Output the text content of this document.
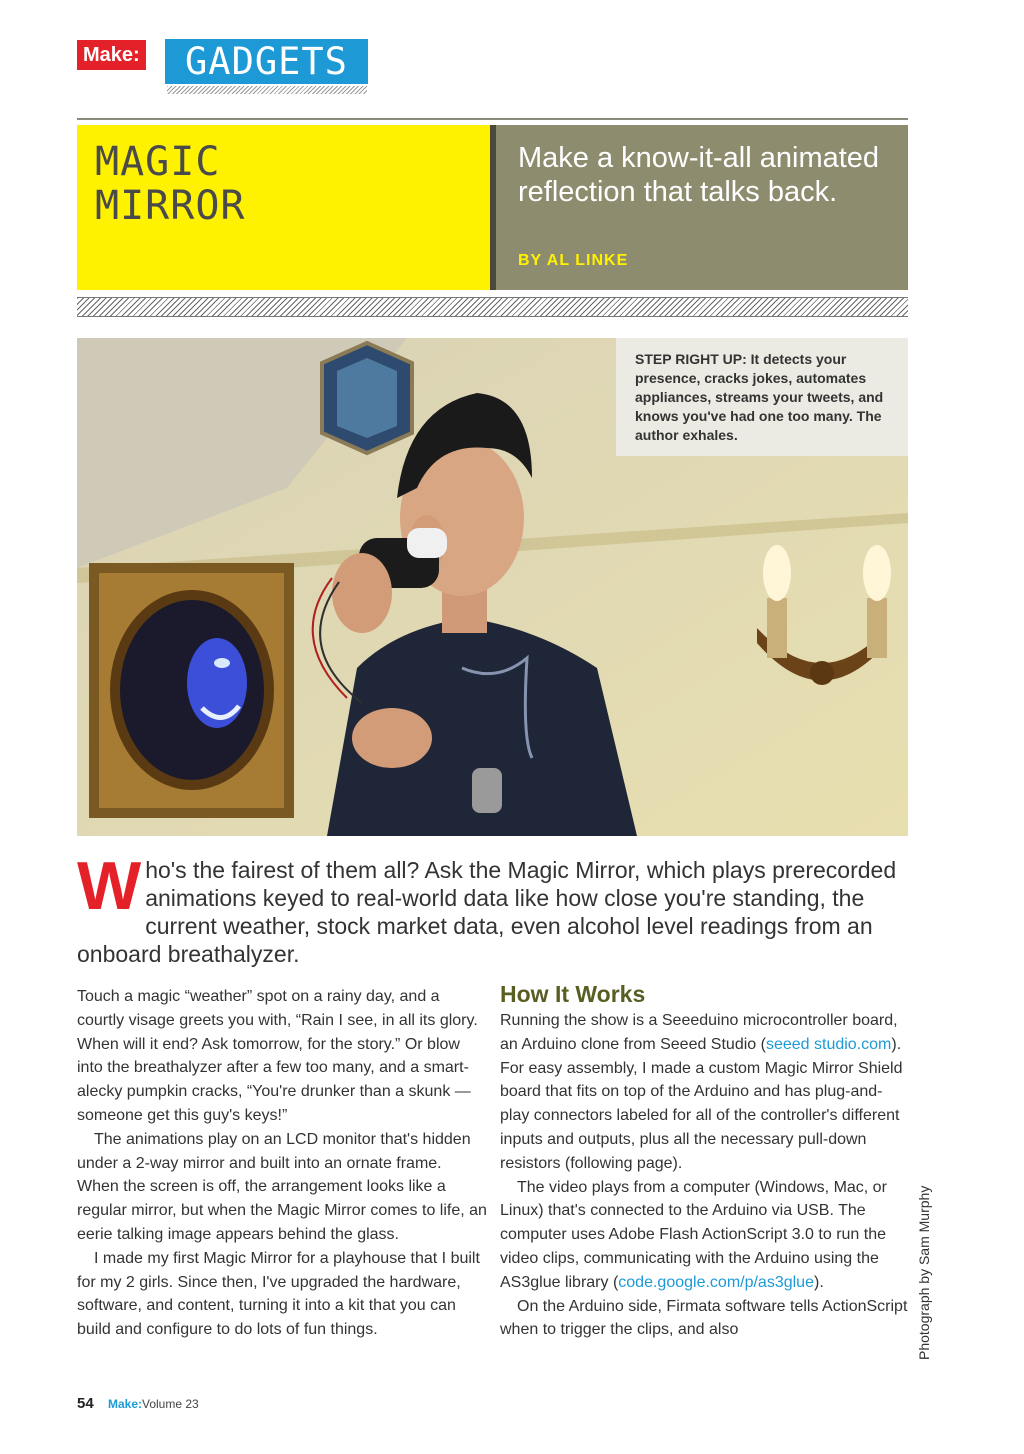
Make:	GADGETS
MAGIC
MIRROR
Make a know-it-all animated reflection that talks back.
BY AL LINKE
STEP RIGHT UP: It detects your presence, cracks jokes, automates appliances, streams your tweets, and knows you've had one too many. The author exhales.
Who's the fairest of them all? Ask the Magic Mirror, which plays prerecorded animations keyed to real-world data like how close you're standing, the current weather, stock market data, even alcohol level readings from an onboard breathalyzer.

Touch a magic “weather” spot on a rainy day, and a courtly visage greets you with, “Rain I see, in all its glory. When will it end? Ask tomorrow, for the story.” Or blow into the breathalyzer after a few too many, and a smart-alecky pumpkin cracks, “You're drunker than a skunk — someone get this guy's keys!”

The animations play on an LCD monitor that's hidden under a 2-way mirror and built into an ornate frame. When the screen is off, the arrangement looks like a regular mirror, but when the Magic Mirror comes to life, an eerie talking image appears behind the glass.

I made my first Magic Mirror for a playhouse that I built for my 2 girls. Since then, I've upgraded the hardware, software, and content, turning it into a kit that you can build and configure to do lots of fun things.

How It Works

Running the show is a Seeeduino microcontroller board, an Arduino clone from Seeed Studio (seeed studio.com). For easy assembly, I made a custom Magic Mirror Shield board that fits on top of the Arduino and has plug-and-play connectors labeled for all of the controller's different inputs and outputs, plus all the necessary pull-down resistors (following page).

The video plays from a computer (Windows, Mac, or Linux) that's connected to the Arduino via USB. The computer uses Adobe Flash ActionScript 3.0 to run the video clips, communicating with the Arduino using the AS3glue library (code.google.com/p/as3glue).

On the Arduino side, Firmata software tells ActionScript when to trigger the clips, and also	Photograph by Sam Murphy
54 Make: Volume 23
